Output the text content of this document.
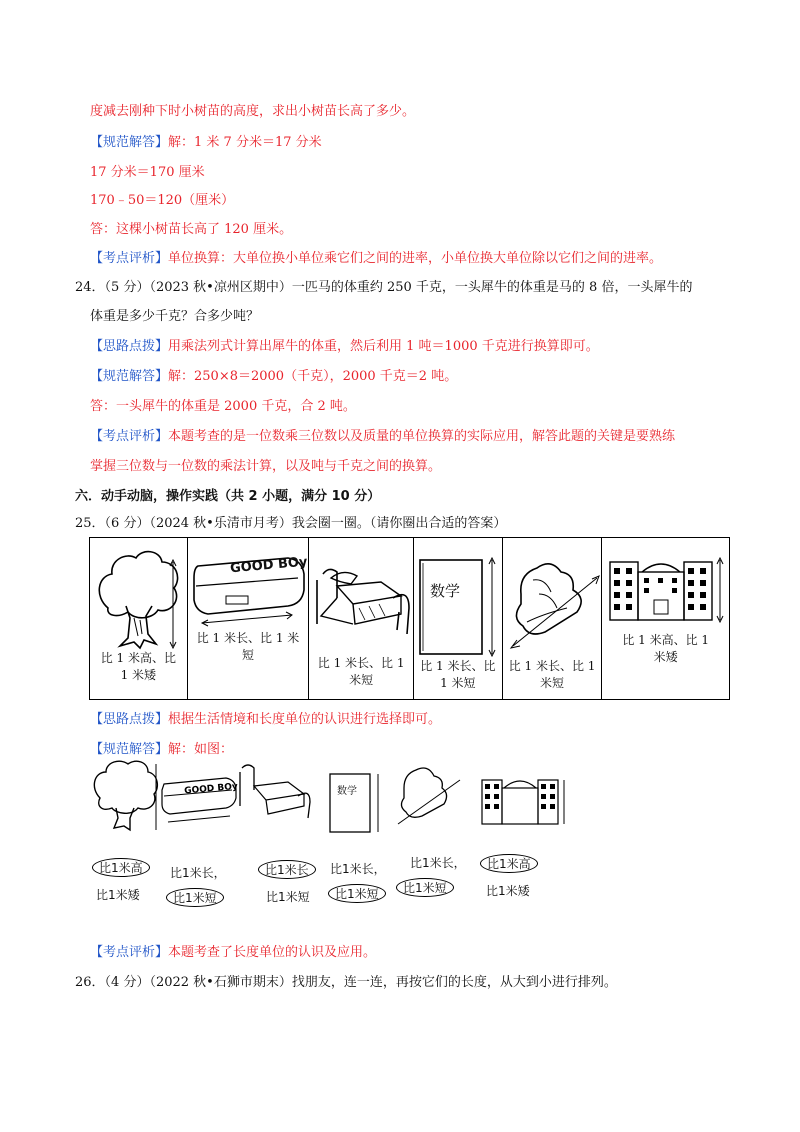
度减去刚种下时小树苗的高度，求出小树苗长高了多少。
【规范解答】解：1 米 7 分米＝17 分米
17 分米＝170 厘米
170﹣50＝120（厘米）
答：这棵小树苗长高了 120 厘米。
【考点评析】单位换算：大单位换小单位乘它们之间的进率，小单位换大单位除以它们之间的进率。
24．（5 分）（2023 秋•凉州区期中）一匹马的体重约 250 千克，一头犀牛的体重是马的 8 倍，一头犀牛的
体重是多少千克？合多少吨？
【思路点拨】用乘法列式计算出犀牛的体重，然后利用 1 吨＝1000 千克进行换算即可。
【规范解答】解：250×8＝2000（千克），2000 千克＝2 吨。
答：一头犀牛的体重是 2000 千克，合 2 吨。
【考点评析】本题考查的是一位数乘三位数以及质量的单位换算的实际应用，解答此题的关键是要熟练
掌握三位数与一位数的乘法计算，以及吨与千克之间的换算。
六．动手动脑，操作实践（共 2 小题，满分 10 分）
25．（6 分）（2024 秋•乐清市月考）我会圈一圈。（请你圈出合适的答案）
比 1 米高、比
1 米矮
GOOD BOy
比 1 米长、比 1 米
短
比 1 米长、比 1
米短
数学
比 1 米长、比
1 米短
比 1 米长、比 1
米短
比 1 米高、比 1
米矮
【思路点拨】根据生活情境和长度单位的认识进行选择即可。
【规范解答】解：如图：
GOOD BOy	数学
比1米高
比1米矮
比1米长，
比1米短
比1米长
比1米短
比1米长，
比1米短
比1米长，
比1米短
比1米高
比1米矮
【考点评析】本题考查了长度单位的认识及应用。
26．（4 分）（2022 秋•石狮市期末）找朋友，连一连，再按它们的长度，从大到小进行排列。
